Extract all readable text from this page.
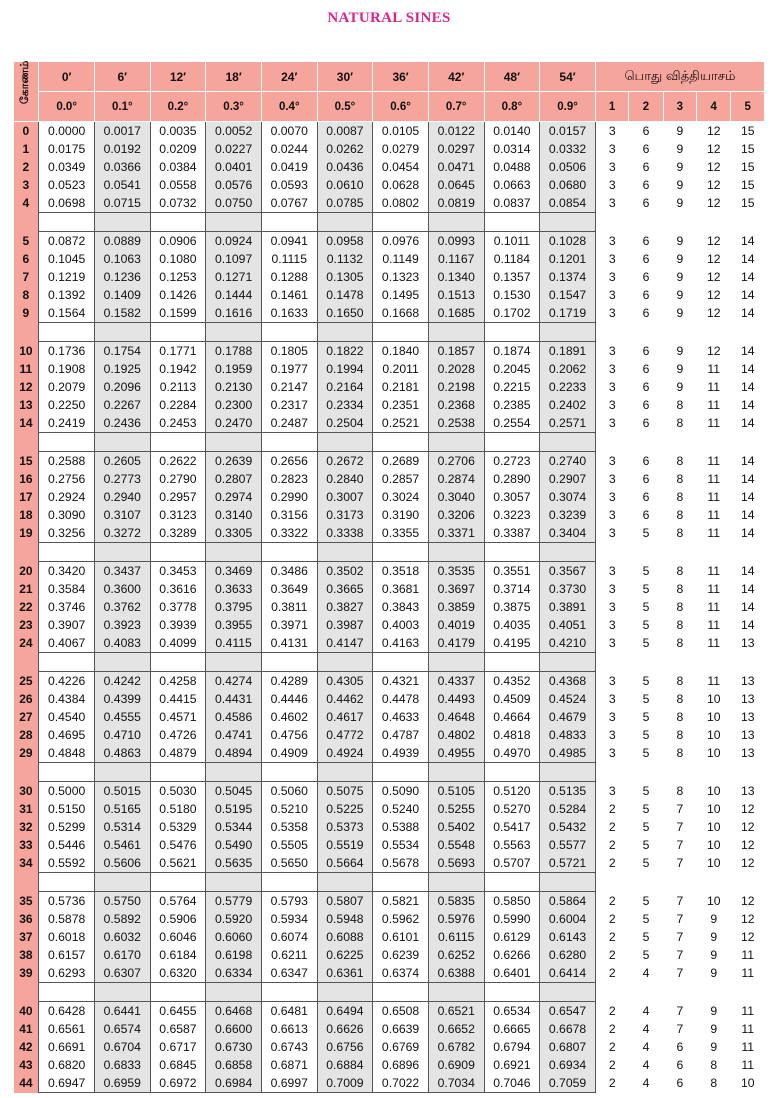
NATURAL SINES
கோணம்	0′	6′	12′	18′	24′	30′	36′	42′	48′	54′	பொது வித்தியாசம்				
	0.0°	0.1°	0.2°	0.3°	0.4°	0.5°	0.6°	0.7°	0.8°	0.9°	1	2	3	4	5
0	0.0000	0.0017	0.0035	0.0052	0.0070	0.0087	0.0105	0.0122	0.0140	0.0157	3	6	9	12	15
1	0.0175	0.0192	0.0209	0.0227	0.0244	0.0262	0.0279	0.0297	0.0314	0.0332	3	6	9	12	15
2	0.0349	0.0366	0.0384	0.0401	0.0419	0.0436	0.0454	0.0471	0.0488	0.0506	3	6	9	12	15
3	0.0523	0.0541	0.0558	0.0576	0.0593	0.0610	0.0628	0.0645	0.0663	0.0680	3	6	9	12	15
4	0.0698	0.0715	0.0732	0.0750	0.0767	0.0785	0.0802	0.0819	0.0837	0.0854	3	6	9	12	15

5	0.0872	0.0889	0.0906	0.0924	0.0941	0.0958	0.0976	0.0993	0.1011	0.1028	3	6	9	12	14
6	0.1045	0.1063	0.1080	0.1097	0.1115	0.1132	0.1149	0.1167	0.1184	0.1201	3	6	9	12	14
7	0.1219	0.1236	0.1253	0.1271	0.1288	0.1305	0.1323	0.1340	0.1357	0.1374	3	6	9	12	14
8	0.1392	0.1409	0.1426	0.1444	0.1461	0.1478	0.1495	0.1513	0.1530	0.1547	3	6	9	12	14
9	0.1564	0.1582	0.1599	0.1616	0.1633	0.1650	0.1668	0.1685	0.1702	0.1719	3	6	9	12	14

10	0.1736	0.1754	0.1771	0.1788	0.1805	0.1822	0.1840	0.1857	0.1874	0.1891	3	6	9	12	14
11	0.1908	0.1925	0.1942	0.1959	0.1977	0.1994	0.2011	0.2028	0.2045	0.2062	3	6	9	11	14
12	0.2079	0.2096	0.2113	0.2130	0.2147	0.2164	0.2181	0.2198	0.2215	0.2233	3	6	9	11	14
13	0.2250	0.2267	0.2284	0.2300	0.2317	0.2334	0.2351	0.2368	0.2385	0.2402	3	6	8	11	14
14	0.2419	0.2436	0.2453	0.2470	0.2487	0.2504	0.2521	0.2538	0.2554	0.2571	3	6	8	11	14

15	0.2588	0.2605	0.2622	0.2639	0.2656	0.2672	0.2689	0.2706	0.2723	0.2740	3	6	8	11	14
16	0.2756	0.2773	0.2790	0.2807	0.2823	0.2840	0.2857	0.2874	0.2890	0.2907	3	6	8	11	14
17	0.2924	0.2940	0.2957	0.2974	0.2990	0.3007	0.3024	0.3040	0.3057	0.3074	3	6	8	11	14
18	0.3090	0.3107	0.3123	0.3140	0.3156	0.3173	0.3190	0.3206	0.3223	0.3239	3	6	8	11	14
19	0.3256	0.3272	0.3289	0.3305	0.3322	0.3338	0.3355	0.3371	0.3387	0.3404	3	5	8	11	14

20	0.3420	0.3437	0.3453	0.3469	0.3486	0.3502	0.3518	0.3535	0.3551	0.3567	3	5	8	11	14
21	0.3584	0.3600	0.3616	0.3633	0.3649	0.3665	0.3681	0.3697	0.3714	0.3730	3	5	8	11	14
22	0.3746	0.3762	0.3778	0.3795	0.3811	0.3827	0.3843	0.3859	0.3875	0.3891	3	5	8	11	14
23	0.3907	0.3923	0.3939	0.3955	0.3971	0.3987	0.4003	0.4019	0.4035	0.4051	3	5	8	11	14
24	0.4067	0.4083	0.4099	0.4115	0.4131	0.4147	0.4163	0.4179	0.4195	0.4210	3	5	8	11	13

25	0.4226	0.4242	0.4258	0.4274	0.4289	0.4305	0.4321	0.4337	0.4352	0.4368	3	5	8	11	13
26	0.4384	0.4399	0.4415	0.4431	0.4446	0.4462	0.4478	0.4493	0.4509	0.4524	3	5	8	10	13
27	0.4540	0.4555	0.4571	0.4586	0.4602	0.4617	0.4633	0.4648	0.4664	0.4679	3	5	8	10	13
28	0.4695	0.4710	0.4726	0.4741	0.4756	0.4772	0.4787	0.4802	0.4818	0.4833	3	5	8	10	13
29	0.4848	0.4863	0.4879	0.4894	0.4909	0.4924	0.4939	0.4955	0.4970	0.4985	3	5	8	10	13

30	0.5000	0.5015	0.5030	0.5045	0.5060	0.5075	0.5090	0.5105	0.5120	0.5135	3	5	8	10	13
31	0.5150	0.5165	0.5180	0.5195	0.5210	0.5225	0.5240	0.5255	0.5270	0.5284	2	5	7	10	12
32	0.5299	0.5314	0.5329	0.5344	0.5358	0.5373	0.5388	0.5402	0.5417	0.5432	2	5	7	10	12
33	0.5446	0.5461	0.5476	0.5490	0.5505	0.5519	0.5534	0.5548	0.5563	0.5577	2	5	7	10	12
34	0.5592	0.5606	0.5621	0.5635	0.5650	0.5664	0.5678	0.5693	0.5707	0.5721	2	5	7	10	12

35	0.5736	0.5750	0.5764	0.5779	0.5793	0.5807	0.5821	0.5835	0.5850	0.5864	2	5	7	10	12
36	0.5878	0.5892	0.5906	0.5920	0.5934	0.5948	0.5962	0.5976	0.5990	0.6004	2	5	7	9	12
37	0.6018	0.6032	0.6046	0.6060	0.6074	0.6088	0.6101	0.6115	0.6129	0.6143	2	5	7	9	12
38	0.6157	0.6170	0.6184	0.6198	0.6211	0.6225	0.6239	0.6252	0.6266	0.6280	2	5	7	9	11
39	0.6293	0.6307	0.6320	0.6334	0.6347	0.6361	0.6374	0.6388	0.6401	0.6414	2	4	7	9	11

40	0.6428	0.6441	0.6455	0.6468	0.6481	0.6494	0.6508	0.6521	0.6534	0.6547	2	4	7	9	11
41	0.6561	0.6574	0.6587	0.6600	0.6613	0.6626	0.6639	0.6652	0.6665	0.6678	2	4	7	9	11
42	0.6691	0.6704	0.6717	0.6730	0.6743	0.6756	0.6769	0.6782	0.6794	0.6807	2	4	6	9	11
43	0.6820	0.6833	0.6845	0.6858	0.6871	0.6884	0.6896	0.6909	0.6921	0.6934	2	4	6	8	11
44	0.6947	0.6959	0.6972	0.6984	0.6997	0.7009	0.7022	0.7034	0.7046	0.7059	2	4	6	8	10
